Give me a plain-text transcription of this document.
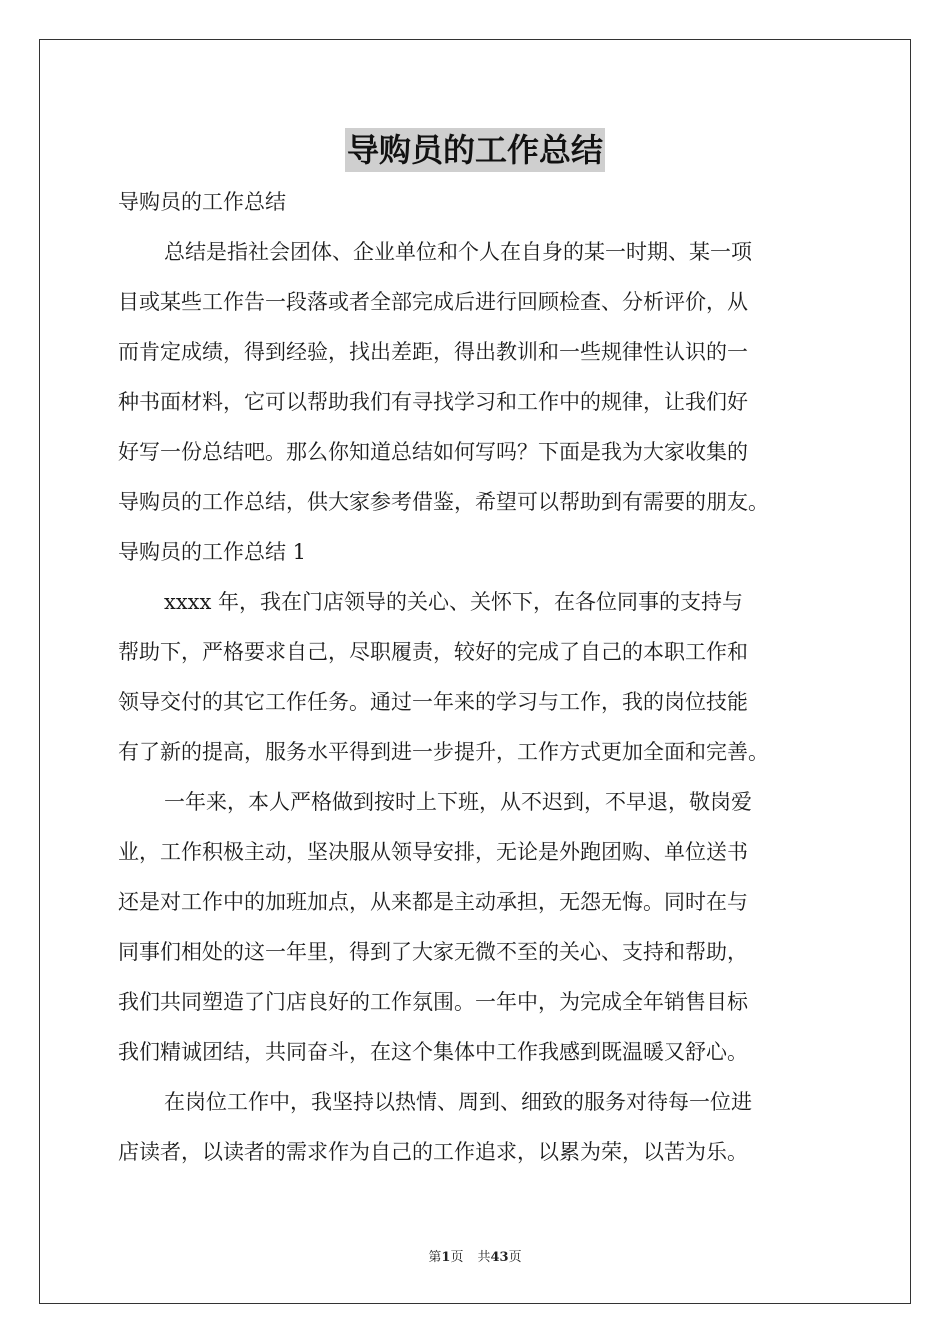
导购员的工作总结
导购员的工作总结
总结是指社会团体、企业单位和个人在自身的某一时期、某一项
目或某些工作告一段落或者全部完成后进行回顾检查、分析评价，从
而肯定成绩，得到经验，找出差距，得出教训和一些规律性认识的一
种书面材料，它可以帮助我们有寻找学习和工作中的规律，让我们好
好写一份总结吧。那么你知道总结如何写吗？下面是我为大家收集的
导购员的工作总结，供大家参考借鉴，希望可以帮助到有需要的朋友。
导购员的工作总结 1
xxxx 年，我在门店领导的关心、关怀下，在各位同事的支持与
帮助下，严格要求自己，尽职履责，较好的完成了自己的本职工作和
领导交付的其它工作任务。通过一年来的学习与工作，我的岗位技能
有了新的提高，服务水平得到进一步提升，工作方式更加全面和完善。
一年来，本人严格做到按时上下班，从不迟到，不早退，敬岗爱
业，工作积极主动，坚决服从领导安排，无论是外跑团购、单位送书
还是对工作中的加班加点，从来都是主动承担，无怨无悔。同时在与
同事们相处的这一年里，得到了大家无微不至的关心、支持和帮助，
我们共同塑造了门店良好的工作氛围。一年中，为完成全年销售目标
我们精诚团结，共同奋斗，在这个集体中工作我感到既温暖又舒心。
在岗位工作中，我坚持以热情、周到、细致的服务对待每一位进
店读者，以读者的需求作为自己的工作追求，以累为荣，以苦为乐。
第1页 共43页
